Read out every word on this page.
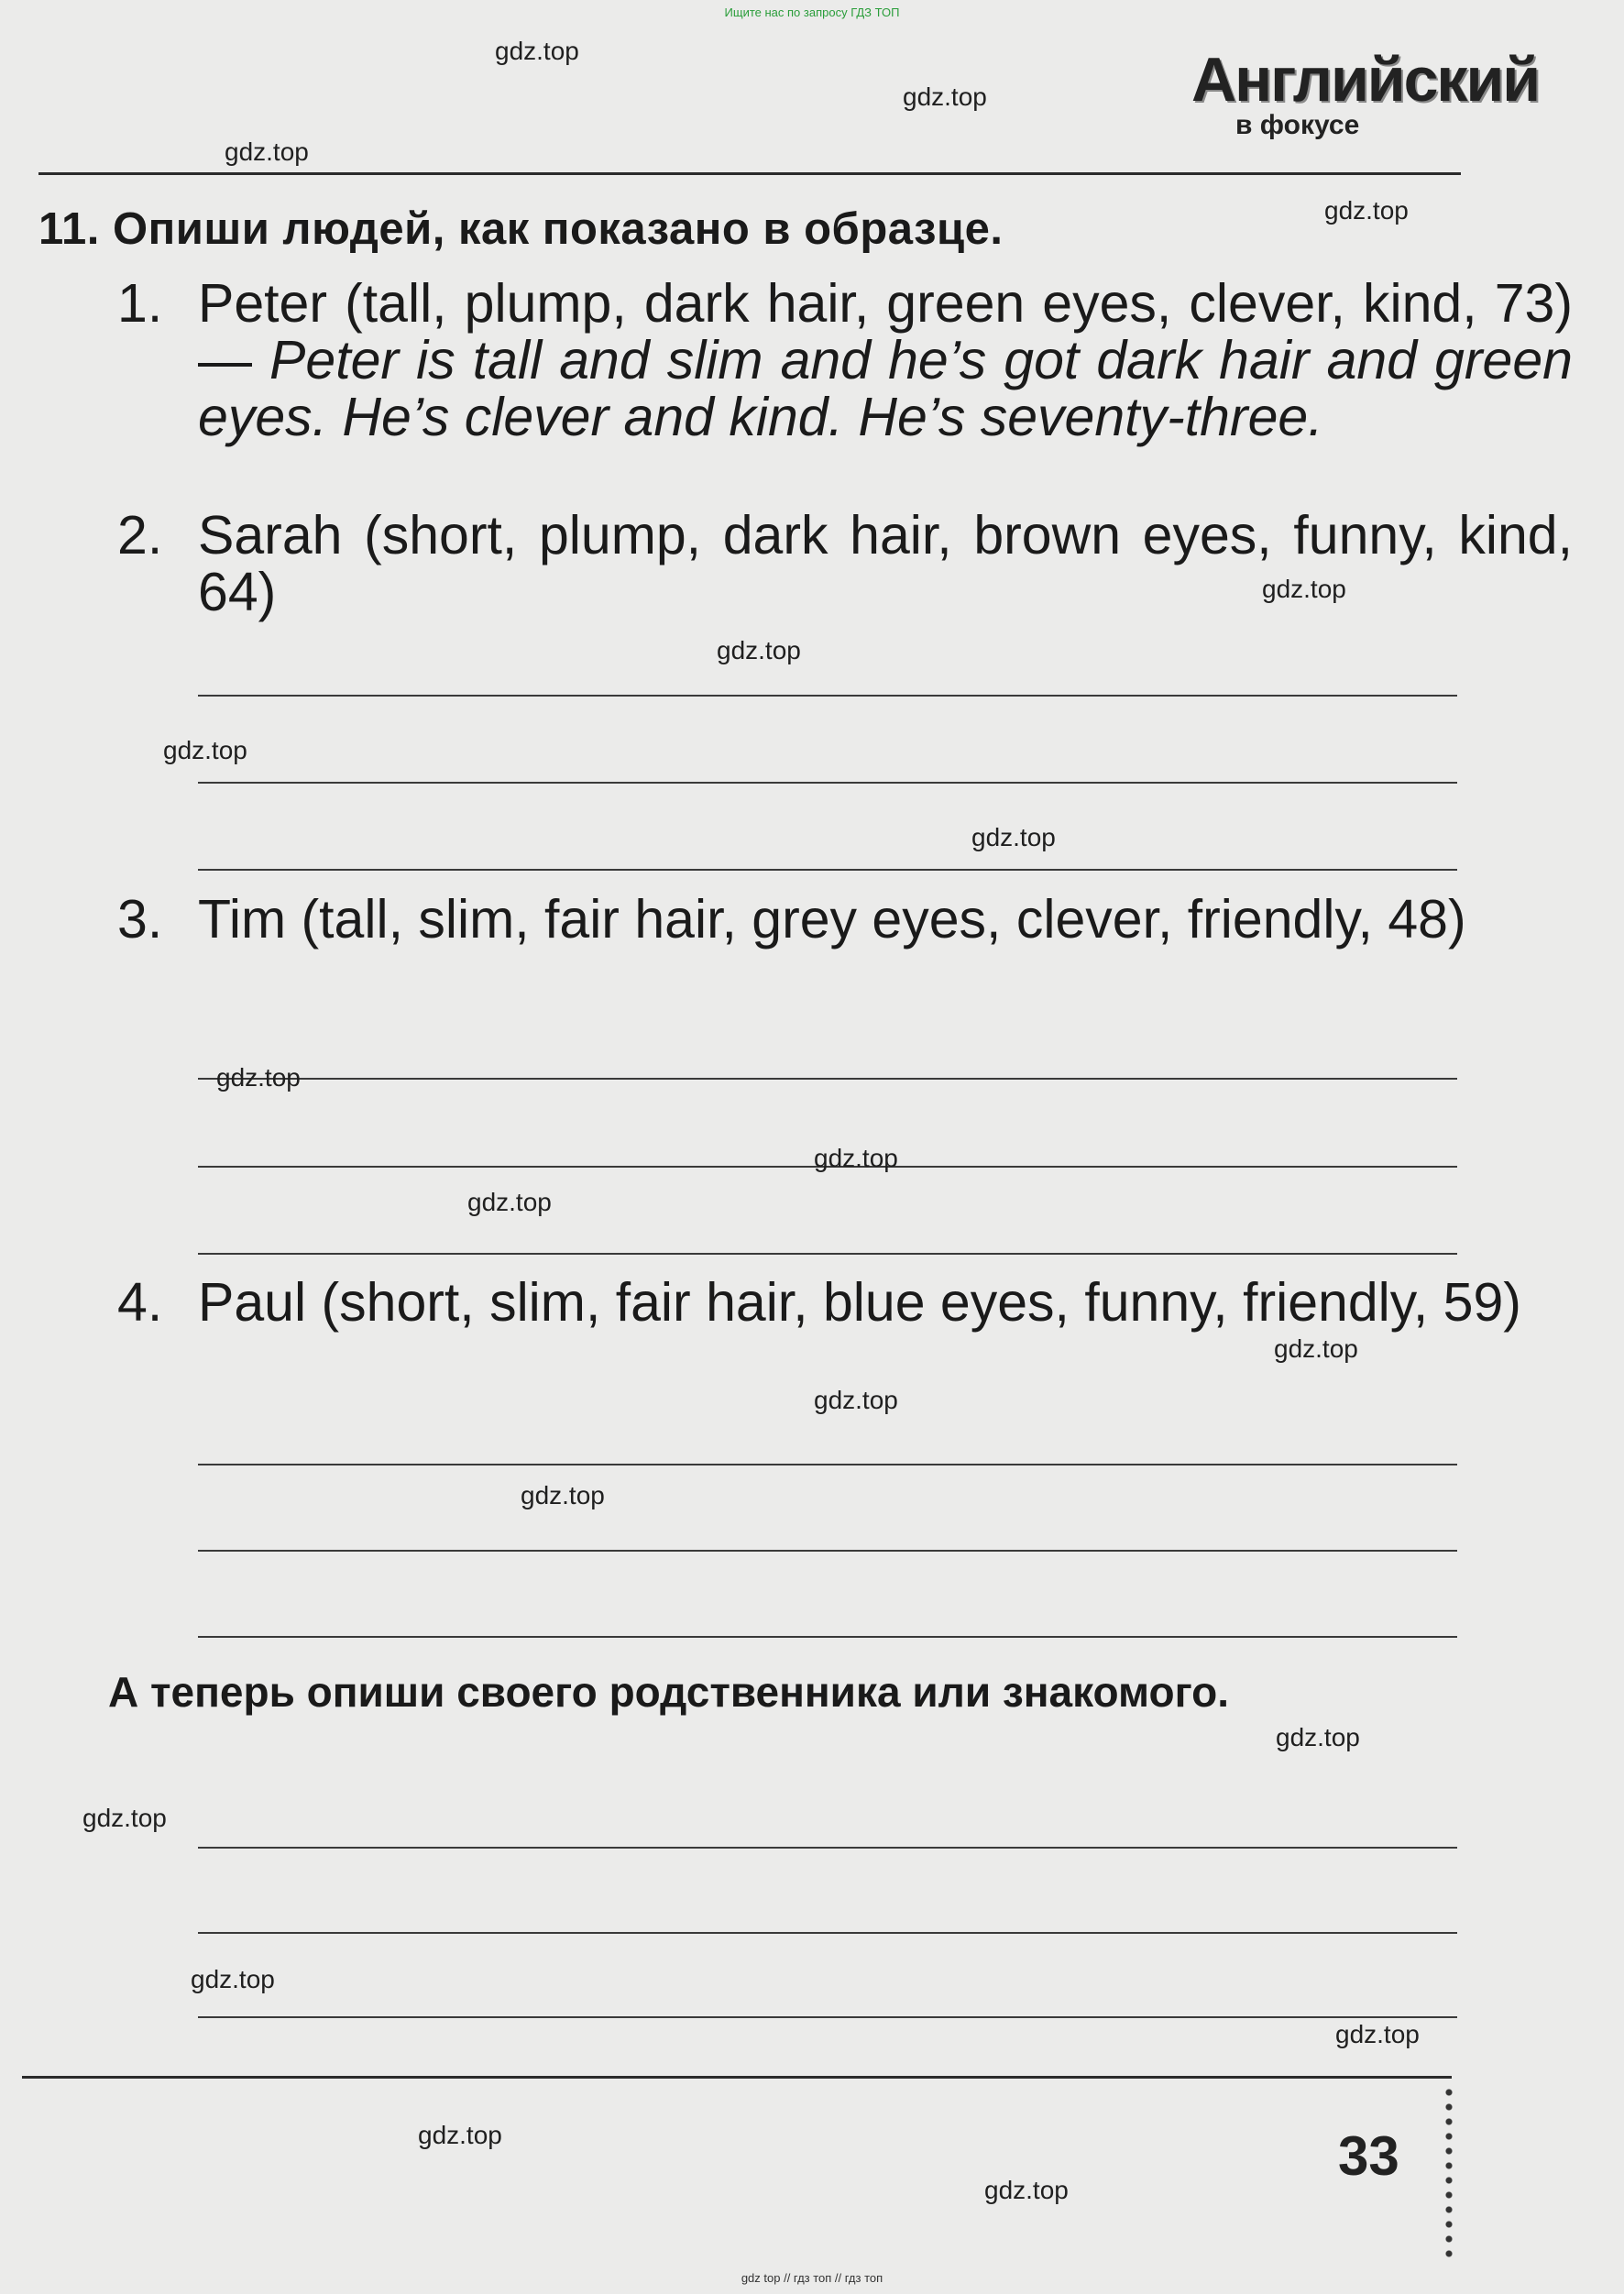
Ищите нас по запросу ГДЗ ТОП
Английский
в фокусе
11. Опиши людей, как показано в образце.
1. Peter (tall, plump, dark hair, green eyes, clever, kind, 73) — Peter is tall and slim and he’s got dark hair and green eyes. He’s clever and kind. He’s seventy-three.
2. Sarah (short, plump, dark hair, brown eyes, funny, kind, 64)
3. Tim (tall, slim, fair hair, grey eyes, clever, friendly, 48)
4. Paul (short, slim, fair hair, blue eyes, funny, friendly, 59)
А теперь опиши своего родственника или знакомого.
33
gdz top // гдз топ // гдз топ
gdz.top
gdz.top
gdz.top
gdz.top
gdz.top
gdz.top
gdz.top
gdz.top
gdz.top
gdz.top
gdz.top
gdz.top
gdz.top
gdz.top
gdz.top
gdz.top
gdz.top
gdz.top
gdz.top
gdz.top
